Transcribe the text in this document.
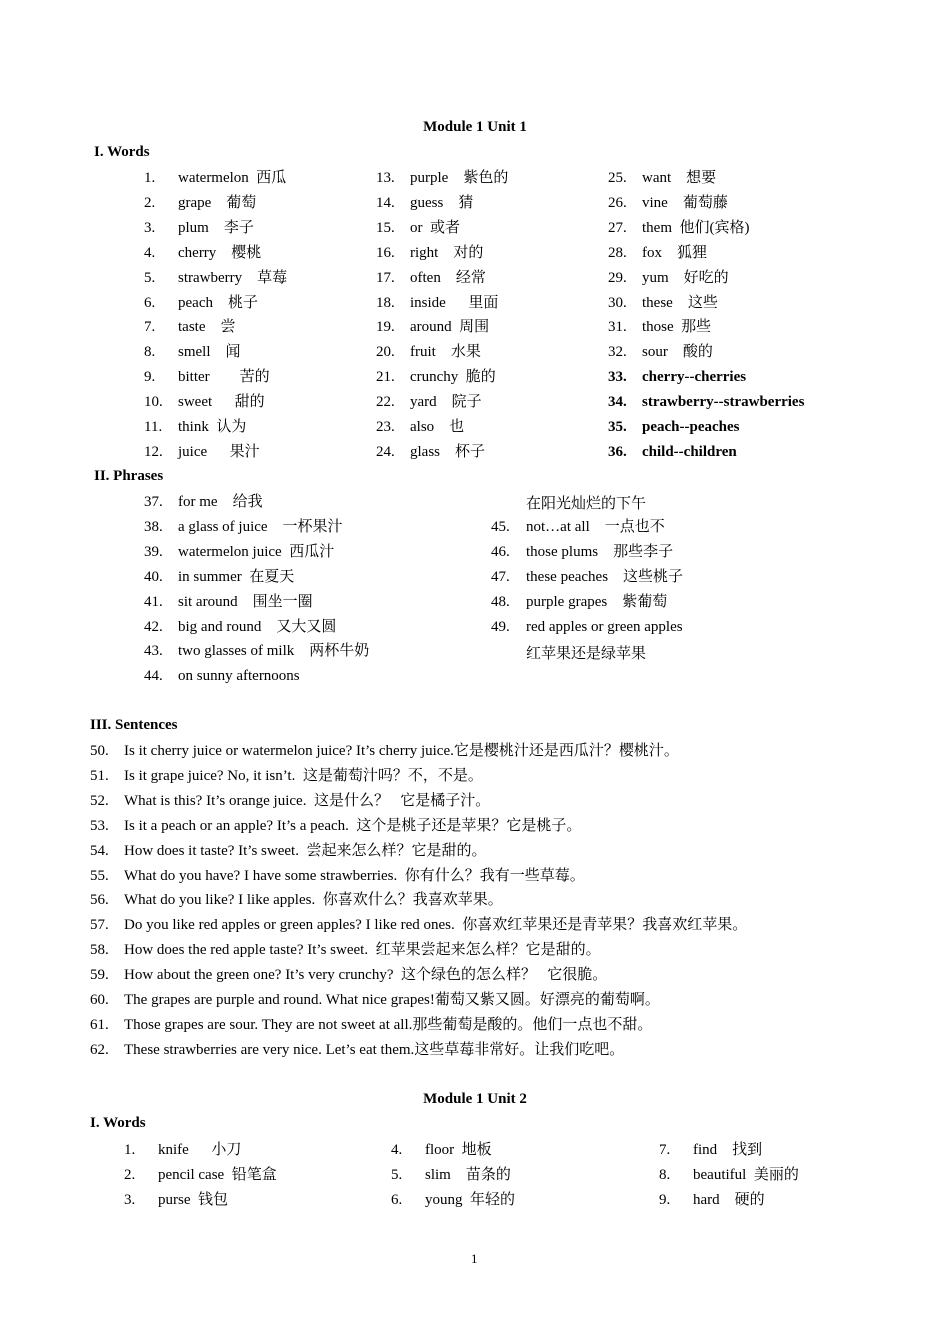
Module 1 Unit 1
I. Words
1. watermelon  西瓜
2. grape    葡萄
3. plum    李子
4. cherry    樱桃
5. strawberry    草莓
6. peach    桃子
7. taste    尝
8. smell    闻
9. bitter        苦的
10. sweet      甜的
11. think  认为
12. juice      果汁
13. purple    紫色的
14. guess    猜
15. or  或者
16. right    对的
17. often    经常
18. inside      里面
19. around  周围
20. fruit    水果
21. crunchy  脆的
22. yard    院子
23. also    也
24. glass    杯子
25. want    想要
26. vine    葡萄藤
27. them  他们(宾格)
28. fox    狐狸
29. yum    好吃的
30. these    这些
31. those  那些
32. sour    酸的
33. cherry--cherries
34. strawberry--strawberries
35. peach--peaches
36. child--children
II. Phrases
37. for me    给我
38. a glass of juice    一杯果汁
39. watermelon juice  西瓜汁
40. in summer  在夏天
41. sit around    围坐一圈
42. big and round    又大又圆
43. two glasses of milk    两杯牛奶
44. on sunny afternoons
45. not…at all    一点也不
46. those plums    那些李子
47. these peaches    这些桃子
48. purple grapes    紫葡萄
49. red apples or green apples
在阳光灿烂的下午
红苹果还是绿苹果
III. Sentences
50. Is it cherry juice or watermelon juice? It’s cherry juice.它是樱桃汁还是西瓜汁？樱桃汁。
51. Is it grape juice? No, it isn’t.  这是葡萄汁吗？不，不是。
52. What is this? It’s orange juice.  这是什么？   它是橘子汁。
53. Is it a peach or an apple? It’s a peach.  这个是桃子还是苹果？它是桃子。
54. How does it taste? It’s sweet.  尝起来怎么样？它是甜的。
55. What do you have? I have some strawberries.  你有什么？我有一些草莓。
56. What do you like? I like apples.  你喜欢什么？我喜欢苹果。
57. Do you like red apples or green apples? I like red ones.  你喜欢红苹果还是青苹果？我喜欢红苹果。
58. How does the red apple taste? It’s sweet.  红苹果尝起来怎么样？它是甜的。
59. How about the green one? It’s very crunchy?  这个绿色的怎么样？   它很脆。
60. The grapes are purple and round. What nice grapes!葡萄又紫又圆。好漂亮的葡萄啊。
61. Those grapes are sour. They are not sweet at all.那些葡萄是酸的。他们一点也不甜。
62. These strawberries are very nice. Let’s eat them.这些草莓非常好。让我们吃吧。
Module 1 Unit 2
I. Words
1. knife      小刀
2. pencil case  铅笔盒
3. purse  钱包
4. floor  地板
5. slim    苗条的
6. young  年轻的
7. find    找到
8. beautiful  美丽的
9. hard    硬的
1
